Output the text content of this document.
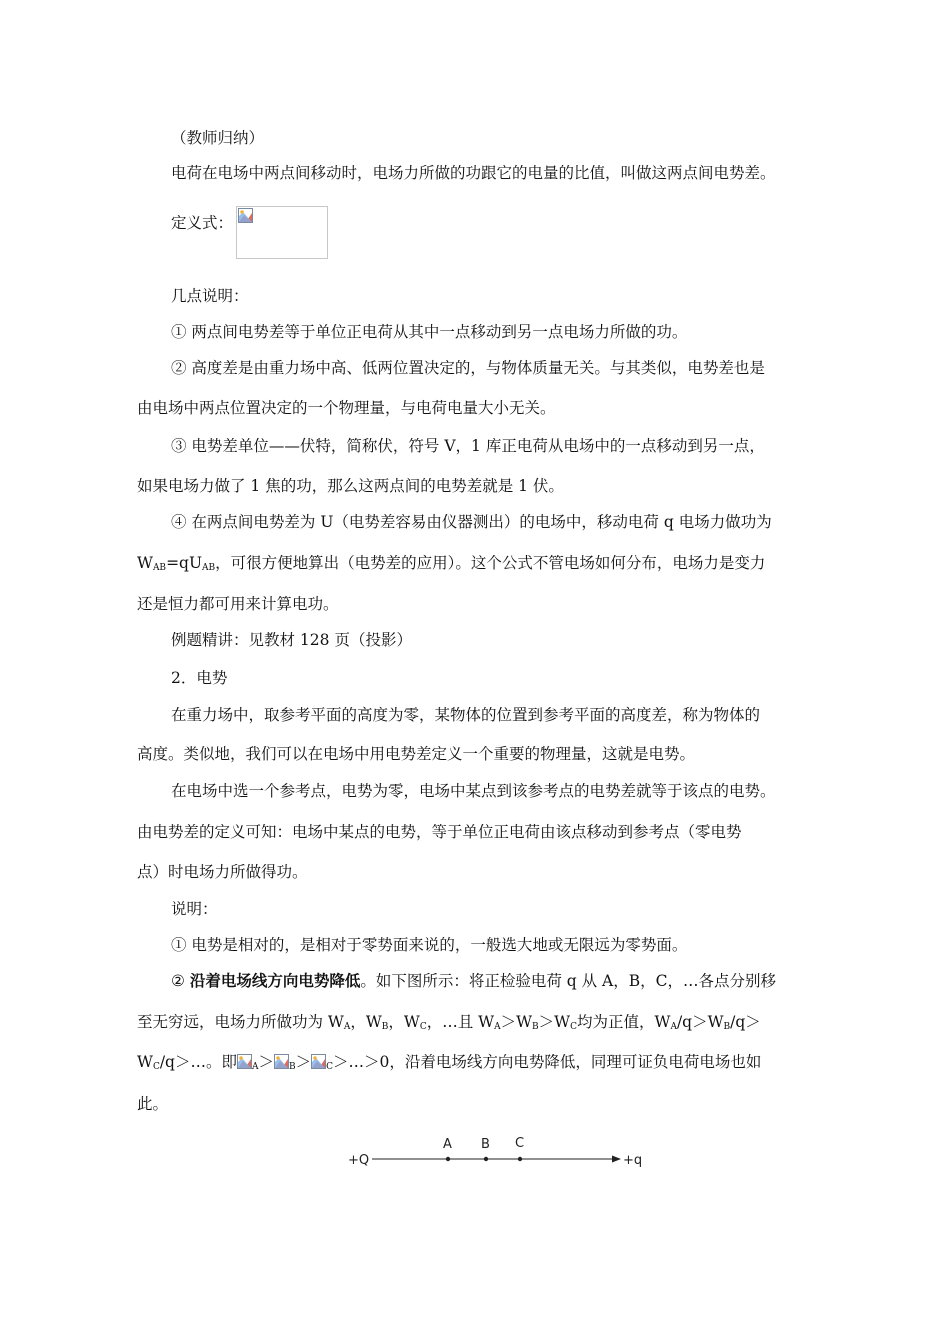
（教师归纳）
电荷在电场中两点间移动时，电场力所做的功跟它的电量的比值，叫做这两点间电势差。
定义式：
几点说明：
① 两点间电势差等于单位正电荷从其中一点移动到另一点电场力所做的功。
② 高度差是由重力场中高、低两位置决定的，与物体质量无关。与其类似，电势差也是
由电场中两点位置决定的一个物理量，与电荷电量大小无关。
③ 电势差单位——伏特，简称伏，符号 V，1 库正电荷从电场中的一点移动到另一点，
如果电场力做了 1 焦的功，那么这两点间的电势差就是 1 伏。
④ 在两点间电势差为 U（电势差容易由仪器测出）的电场中，移动电荷 q 电场力做功为
$W_{AB}=qU_{AB}$，可很方便地算出（电势差的应用）。这个公式不管电场如何分布，电场力是变力
还是恒力都可用来计算电功。
例题精讲：见教材 128 页（投影）
2．电势
在重力场中，取参考平面的高度为零，某物体的位置到参考平面的高度差，称为物体的
高度。类似地，我们可以在电场中用电势差定义一个重要的物理量，这就是电势。
在电场中选一个参考点，电势为零，电场中某点到该参考点的电势差就等于该点的电势。
由电势差的定义可知：电场中某点的电势，等于单位正电荷由该点移动到参考点（零电势
点）时电场力所做得功。
说明：
① 电势是相对的，是相对于零势面来说的，一般选大地或无限远为零势面。
② 沿着电场线方向电势降低。如下图所示：将正检验电荷 q 从 A，B，C，…各点分别移
至无穷远，电场力所做功为 $W_A$，$W_B$，$W_C$，…且 $W_A>W_B>W_C$均为正值，$W_A/q>W_B/q>$
$W_C/q>\dots$。即 $_A$＞ $_B$＞ $_C$＞…＞0，沿着电场线方向电势降低，同理可证负电荷电场也如
此。
+Q	+q
A B C
